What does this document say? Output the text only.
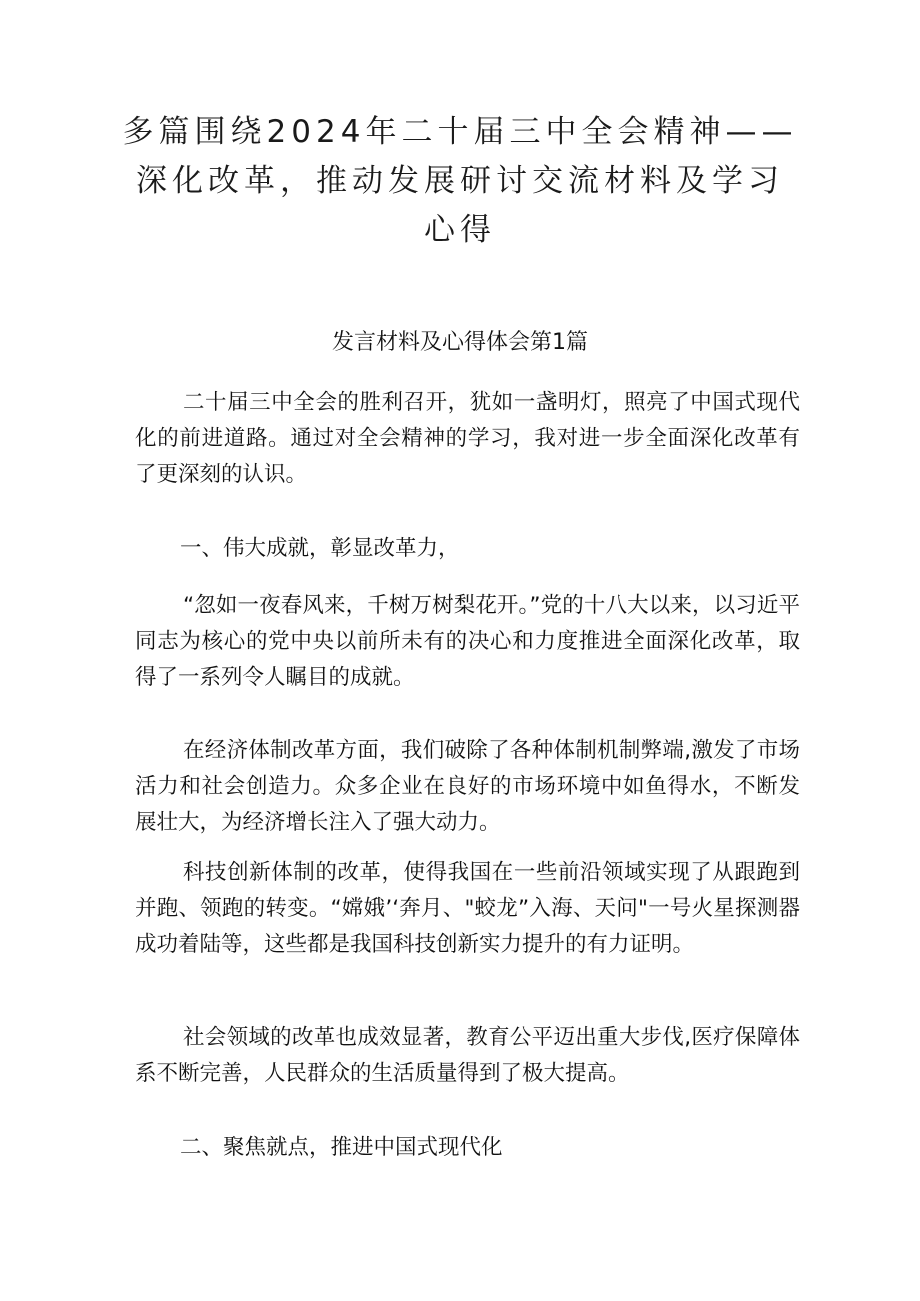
多篇围绕2024年二十届三中全会精神——
深化改革，推动发展研讨交流材料及学习
心得
发言材料及心得体会第1篇

二十届三中全会的胜利召开，犹如一盏明灯，照亮了中国式现代化的前进道路。通过对全会精神的学习，我对进一步全面深化改革有了更深刻的认识。

一、伟大成就，彰显改革力，

“忽如一夜春风来，千树万树梨花开。”党的十八大以来，以习近平同志为核心的党中央以前所未有的决心和力度推进全面深化改革，取得了一系列令人瞩目的成就。

在经济体制改革方面，我们破除了各种体制机制弊端,激发了市场活力和社会创造力。众多企业在良好的市场环境中如鱼得水，不断发展壮大，为经济增长注入了强大动力。

科技创新体制的改革，使得我国在一些前沿领域实现了从跟跑到并跑、领跑的转变。“嫦娥’‘奔月、"蛟龙”入海、天问"一号火星探测器成功着陆等，这些都是我国科技创新实力提升的有力证明。

社会领域的改革也成效显著，教育公平迈出重大步伐,医疗保障体系不断完善，人民群众的生活质量得到了极大提高。

二、聚焦就点，推进中国式现代化
